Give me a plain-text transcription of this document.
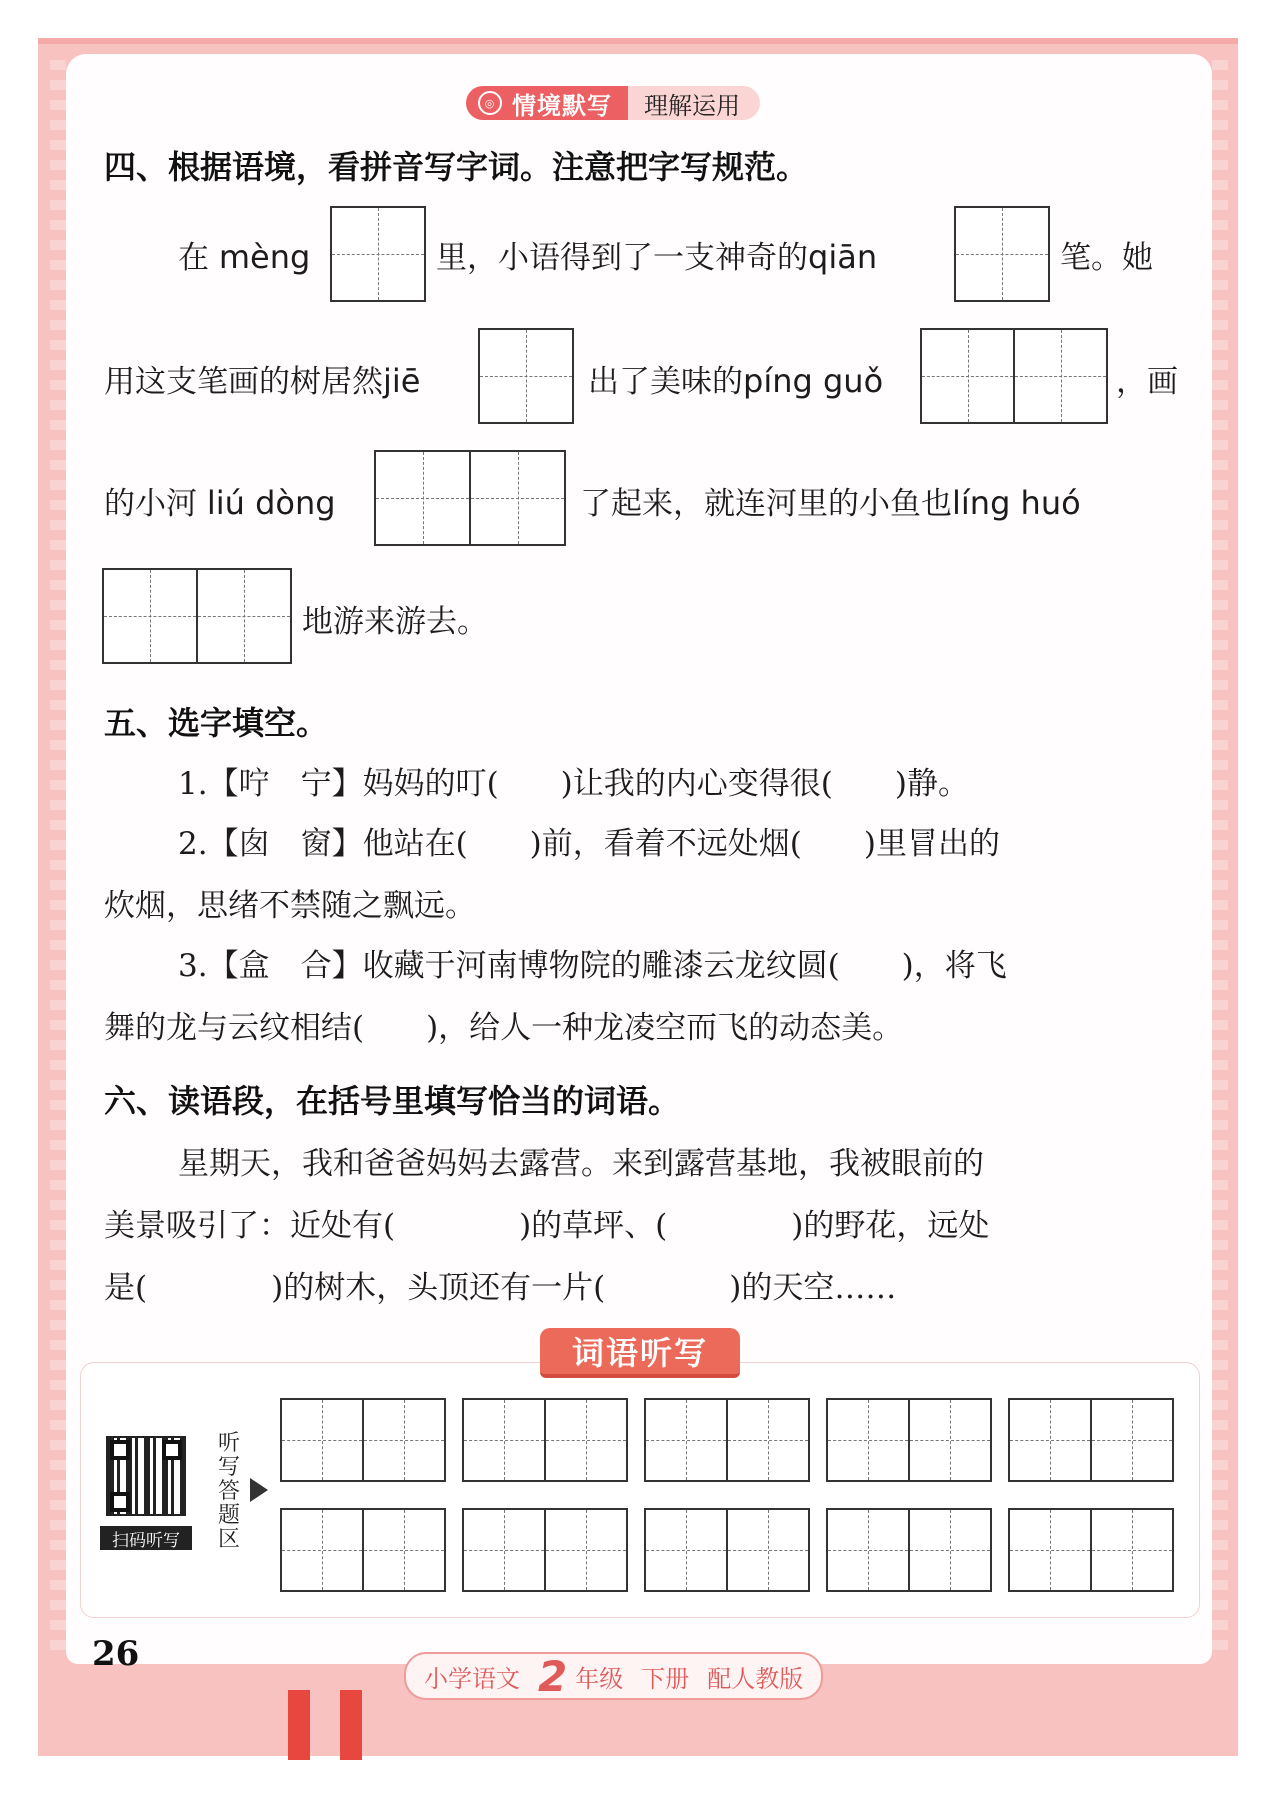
◎ 情境默写 理解运用
四、根据语境，看拼音写字词。注意把字写规范。
在 mèng	里，小语得到了一支神奇的qiān	笔。她
用这支笔画的树居然jiē	出了美味的píng guǒ	，画
的小河 liú dòng	了起来，就连河里的小鱼也líng huó
地游来游去。
五、选字填空。
1.【咛　宁】妈妈的叮(　　)让我的内心变得很(　　)静。
2.【囱　窗】他站在(　　)前，看着不远处烟(　　)里冒出的
炊烟，思绪不禁随之飘远。
3.【盒　合】收藏于河南博物院的雕漆云龙纹圆(　　)，将飞
舞的龙与云纹相结(　　)，给人一种龙凌空而飞的动态美。
六、读语段，在括号里填写恰当的词语。
星期天，我和爸爸妈妈去露营。来到露营基地，我被眼前的
美景吸引了：近处有(　　　　)的草坪、(　　　　)的野花，远处
是(　　　　)的树木，头顶还有一片(　　　　)的天空……
词语听写
扫码听写
听写答题区
26
小学语文 2 年级 下册 配人教版
